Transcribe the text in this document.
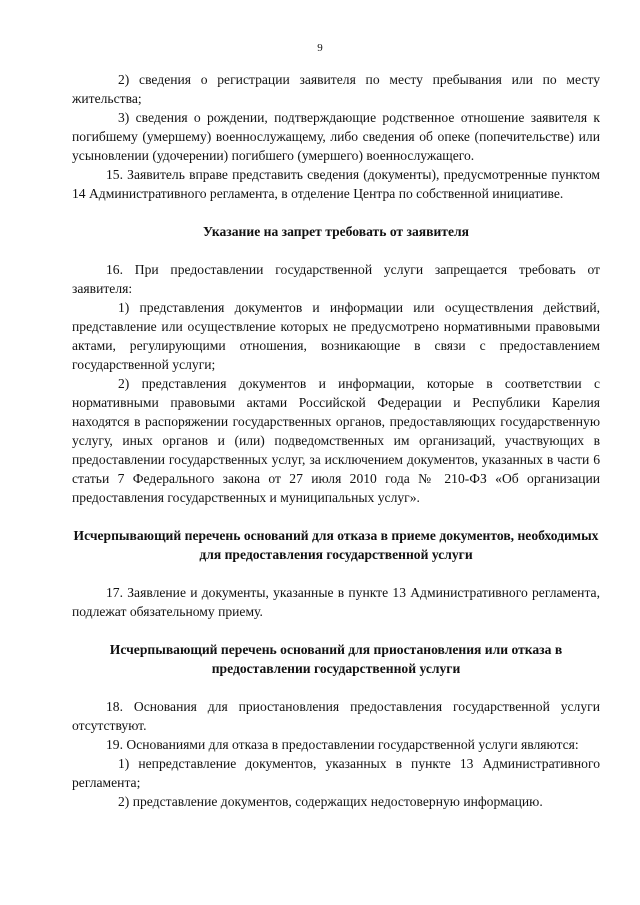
9

2) сведения о регистрации заявителя по месту пребывания или по месту жительства;

3) сведения о рождении, подтверждающие родственное отношение заявителя к погибшему (умершему) военнослужащему, либо сведения об опеке (попечительстве) или усыновлении (удочерении) погибшего (умершего) военнослужащего.

15. Заявитель вправе представить сведения (документы), предусмотренные пунктом 14 Административного регламента, в отделение Центра по собственной инициативе.

Указание на запрет требовать от заявителя

16. При предоставлении государственной услуги запрещается требовать от заявителя:

1) представления документов и информации или осуществления действий, представление или осуществление которых не предусмотрено нормативными правовыми актами, регулирующими отношения, возникающие в связи с предоставлением государственной услуги;

2) представления документов и информации, которые в соответствии с нормативными правовыми актами Российской Федерации и Республики Карелия находятся в распоряжении государственных органов, предоставляющих государственную услугу, иных органов и (или) подведомственных им организаций, участвующих в предоставлении государственных услуг, за исключением документов, указанных в части 6 статьи 7 Федерального закона от 27 июля 2010 года № 210-ФЗ «Об организации предоставления государственных и муниципальных услуг».

Исчерпывающий перечень оснований для отказа в приеме документов, необходимых для предоставления государственной услуги

17. Заявление и документы, указанные в пункте 13 Административного регламента, подлежат обязательному приему.

Исчерпывающий перечень оснований для приостановления или отказа в предоставлении государственной услуги

18. Основания для приостановления предоставления государственной услуги отсутствуют.

19. Основаниями для отказа в предоставлении государственной услуги являются:

1) непредставление документов, указанных в пункте 13 Административного регламента;

2) представление документов, содержащих недостоверную информацию.
